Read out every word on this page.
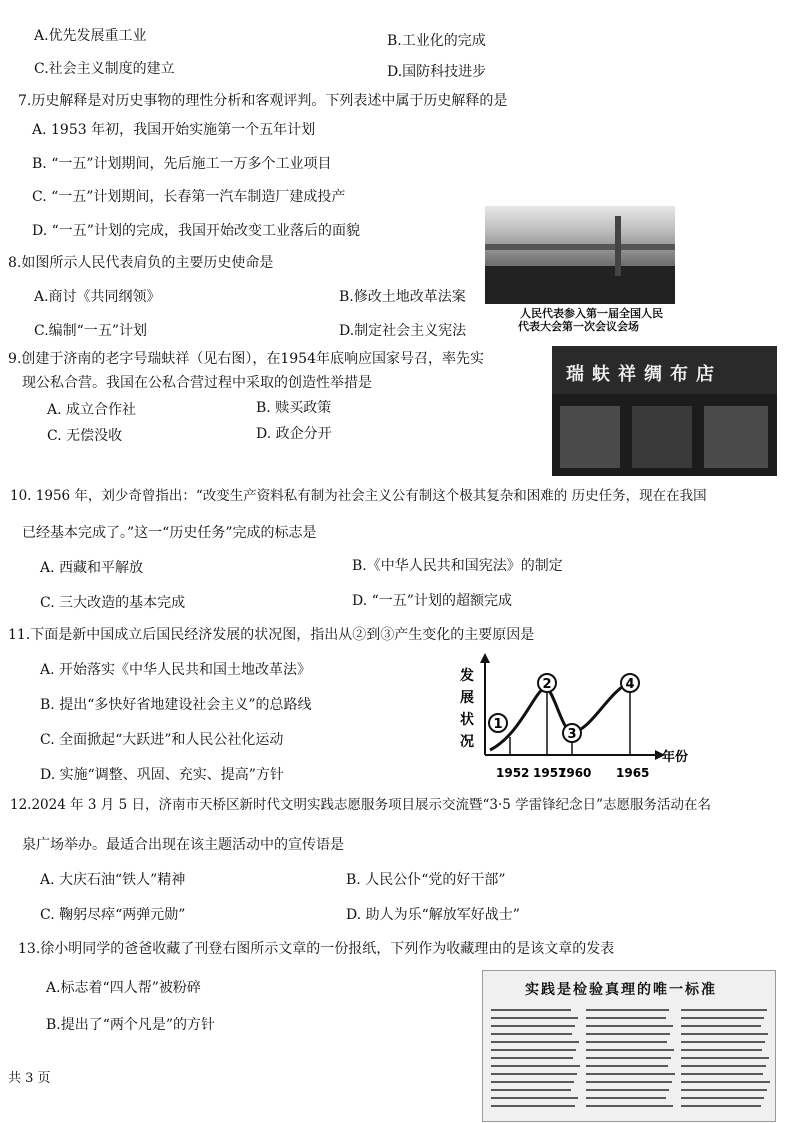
A.优先发展重工业	B.工业化的完成
C.社会主义制度的建立	D.国防科技进步
7.历史解释是对历史事物的理性分析和客观评判。下列表述中属于历史解释的是
A. 1953 年初，我国开始实施第一个五年计划
B. “一五”计划期间，先后施工一万多个工业项目
C. “一五”计划期间，长春第一汽车制造厂建成投产
D. “一五”计划的完成，我国开始改变工业落后的面貌
人民代表参入第一届全国人民
代表大会第一次会议会场
8.如图所示人民代表肩负的主要历史使命是
A.商讨《共同纲领》	B.修改土地改革法案
C.编制“一五”计划	D.制定社会主义宪法
瑞蚨祥绸布店
9.创建于济南的老字号瑞蚨祥（见右图），在1954年底响应国家号召，率先实
现公私合营。我国在公私合营过程中采取的创造性举措是
A. 成立合作社	B. 赎买政策
C. 无偿没收	D. 政企分开
10. 1956 年，刘少奇曾指出：“改变生产资料私有制为社会主义公有制这个极其复杂和困难的 历史任务，现在在我国
已经基本完成了。”这一“历史任务”完成的标志是
A. 西藏和平解放	B.《中华人民共和国宪法》的制定
C. 三大改造的基本完成	D. “一五”计划的超额完成
11.下面是新中国成立后国民经济发展的状况图，指出从②到③产生变化的主要原因是
A. 开始落实《中华人民共和国土地改革法》
B. 提出“多快好省地建设社会主义”的总路线
C. 全面掀起“大跃进”和人民公社化运动
D. 实施“调整、巩固、充实、提高”方针
发
展
状
况
年份
1952 1957
1960 1965
1
2
3
4
12.2024 年 3 月 5 日，济南市天桥区新时代文明实践志愿服务项目展示交流暨“3·5 学雷锋纪念日”志愿服务活动在名
泉广场举办。最适合出现在该主题活动中的宣传语是
A. 大庆石油“铁人”精神	B. 人民公仆“党的好干部”
C. 鞠躬尽瘁“两弹元勋”	D. 助人为乐“解放军好战士”
13.徐小明同学的爸爸收藏了刊登右图所示文章的一份报纸，下列作为收藏理由的是该文章的发表
A.标志着“四人帮”被粉碎
B.提出了“两个凡是”的方针
实践是检验真理的唯一标准
共 3 页
